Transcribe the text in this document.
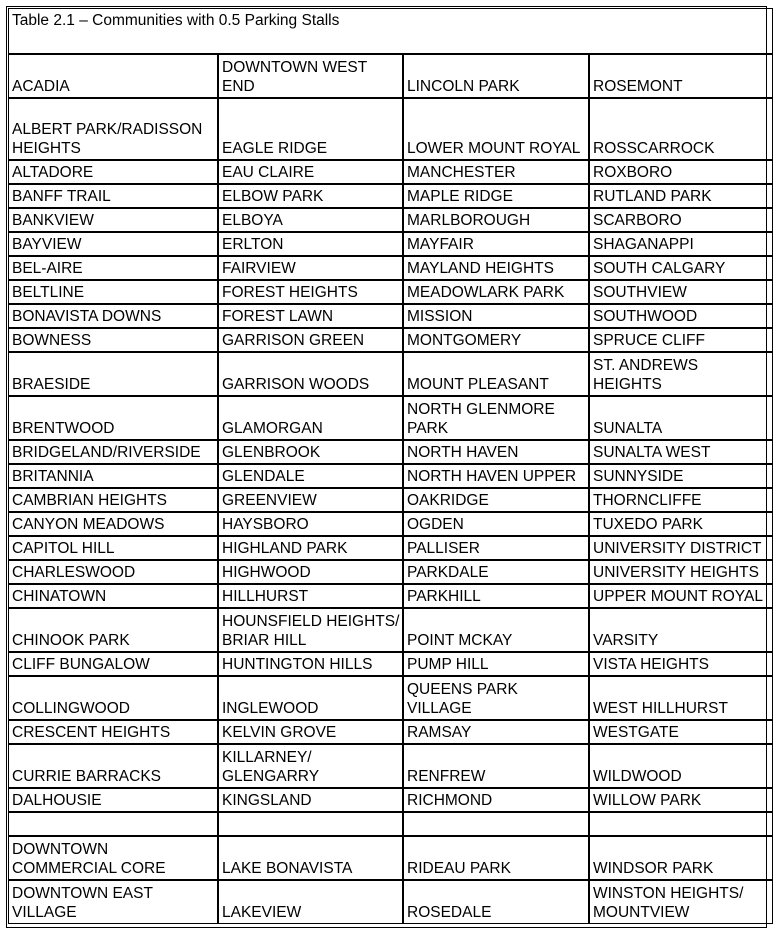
Table 2.1 – Communities with 0.5 Parking Stalls			
ACADIA	DOWNTOWN WEST END	LINCOLN PARK	ROSEMONT
ALBERT PARK/RADISSON HEIGHTS	EAGLE RIDGE	LOWER MOUNT ROYAL	ROSSCARROCK
ALTADORE	EAU CLAIRE	MANCHESTER	ROXBORO
BANFF TRAIL	ELBOW PARK	MAPLE RIDGE	RUTLAND PARK
BANKVIEW	ELBOYA	MARLBOROUGH	SCARBORO
BAYVIEW	ERLTON	MAYFAIR	SHAGANAPPI
BEL-AIRE	FAIRVIEW	MAYLAND HEIGHTS	SOUTH CALGARY
BELTLINE	FOREST HEIGHTS	MEADOWLARK PARK	SOUTHVIEW
BONAVISTA DOWNS	FOREST LAWN	MISSION	SOUTHWOOD
BOWNESS	GARRISON GREEN	MONTGOMERY	SPRUCE CLIFF
BRAESIDE	GARRISON WOODS	MOUNT PLEASANT	ST. ANDREWS HEIGHTS
BRENTWOOD	GLAMORGAN	NORTH GLENMORE PARK	SUNALTA
BRIDGELAND/RIVERSIDE	GLENBROOK	NORTH HAVEN	SUNALTA WEST
BRITANNIA	GLENDALE	NORTH HAVEN UPPER	SUNNYSIDE
CAMBRIAN HEIGHTS	GREENVIEW	OAKRIDGE	THORNCLIFFE
CANYON MEADOWS	HAYSBORO	OGDEN	TUXEDO PARK
CAPITOL HILL	HIGHLAND PARK	PALLISER	UNIVERSITY DISTRICT
CHARLESWOOD	HIGHWOOD	PARKDALE	UNIVERSITY HEIGHTS
CHINATOWN	HILLHURST	PARKHILL	UPPER MOUNT ROYAL
CHINOOK PARK	HOUNSFIELD HEIGHTS/ BRIAR HILL	POINT MCKAY	VARSITY
CLIFF BUNGALOW	HUNTINGTON HILLS	PUMP HILL	VISTA HEIGHTS
COLLINGWOOD	INGLEWOOD	QUEENS PARK VILLAGE	WEST HILLHURST
CRESCENT HEIGHTS	KELVIN GROVE	RAMSAY	WESTGATE
CURRIE BARRACKS	KILLARNEY/ GLENGARRY	RENFREW	WILDWOOD
DALHOUSIE	KINGSLAND	RICHMOND	WILLOW PARK

DOWNTOWN COMMERCIAL CORE	LAKE BONAVISTA	RIDEAU PARK	WINDSOR PARK
DOWNTOWN EAST VILLAGE	LAKEVIEW	ROSEDALE	WINSTON HEIGHTS/ MOUNTVIEW
